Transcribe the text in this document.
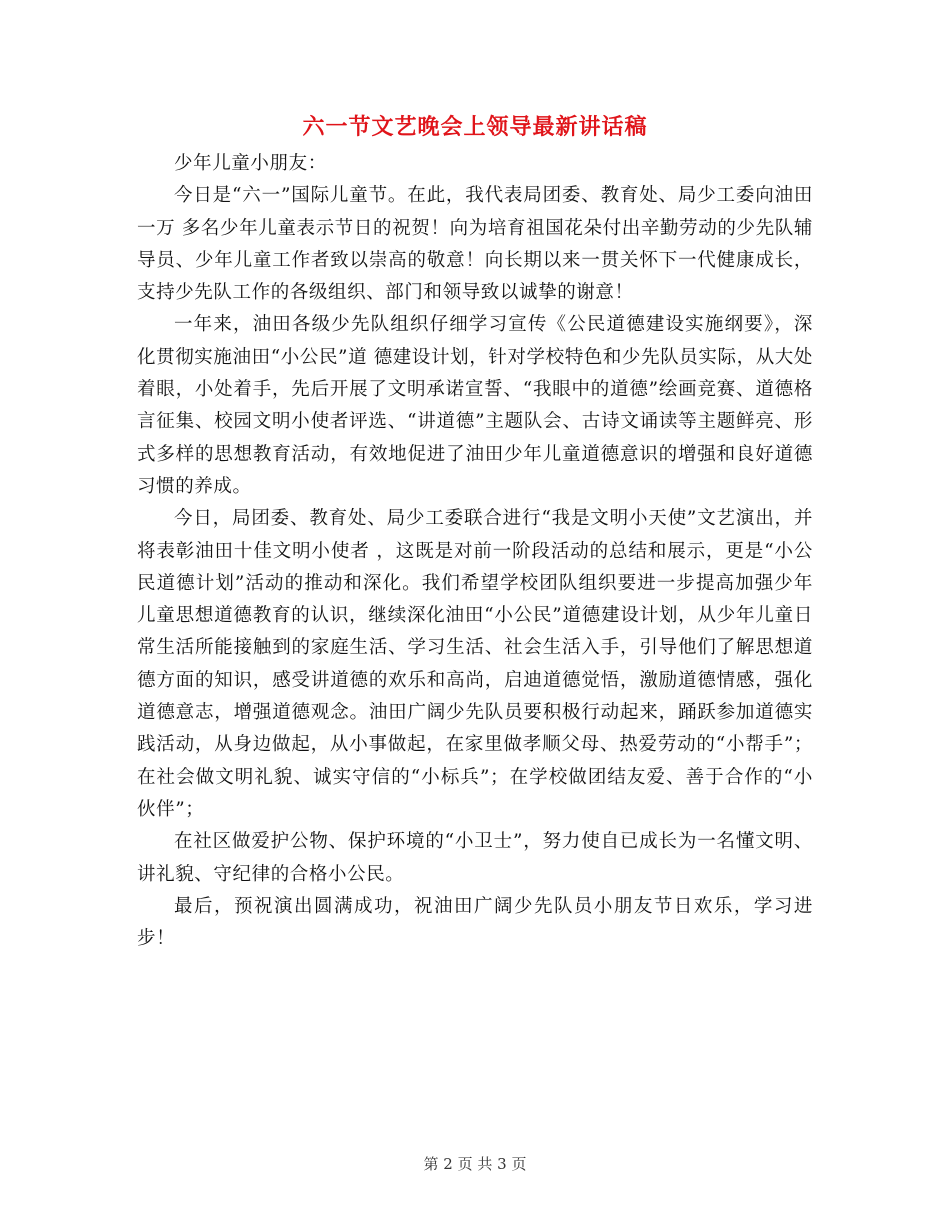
六一节文艺晚会上领导最新讲话稿

少年儿童小朋友：

今日是“六一”国际儿童节。在此，我代表局团委、教育处、局少工委向油田一万 多名少年儿童表示节日的祝贺！向为培育祖国花朵付出辛勤劳动的少先队辅导员、少年儿童工作者致以崇高的敬意！向长期以来一贯关怀下一代健康成长，支持少先队工作的各级组织、部门和领导致以诚挚的谢意！

一年来，油田各级少先队组织仔细学习宣传《公民道德建设实施纲要》，深化贯彻实施油田“小公民”道 德建设计划，针对学校特色和少先队员实际，从大处着眼，小处着手，先后开展了文明承诺宣誓、“我眼中的道德”绘画竞赛、道德格言征集、校园文明小使者评选、“讲道德”主题队会、古诗文诵读等主题鲜亮、形式多样的思想教育活动，有效地促进了油田少年儿童道德意识的增强和良好道德习惯的养成。

今日，局团委、教育处、局少工委联合进行“我是文明小天使”文艺演出，并将表彰油田十佳文明小使者 ，这既是对前一阶段活动的总结和展示，更是“小公民道德计划”活动的推动和深化。我们希望学校团队组织要进一步提高加强少年儿童思想道德教育的认识，继续深化油田“小公民”道德建设计划，从少年儿童日常生活所能接触到的家庭生活、学习生活、社会生活入手，引导他们了解思想道德方面的知识，感受讲道德的欢乐和高尚，启迪道德觉悟，激励道德情感，强化道德意志，增强道德观念。油田广阔少先队员要积极行动起来，踊跃参加道德实践活动，从身边做起，从小事做起，在家里做孝顺父母、热爱劳动的“小帮手”；在社会做文明礼貌、诚实守信的“小标兵”；在学校做团结友爱、善于合作的“小伙伴”；

在社区做爱护公物、保护环境的“小卫士”，努力使自已成长为一名懂文明、讲礼貌、守纪律的合格小公民。

最后，预祝演出圆满成功，祝油田广阔少先队员小朋友节日欢乐，学习进步！

第 2 页 共 3 页
